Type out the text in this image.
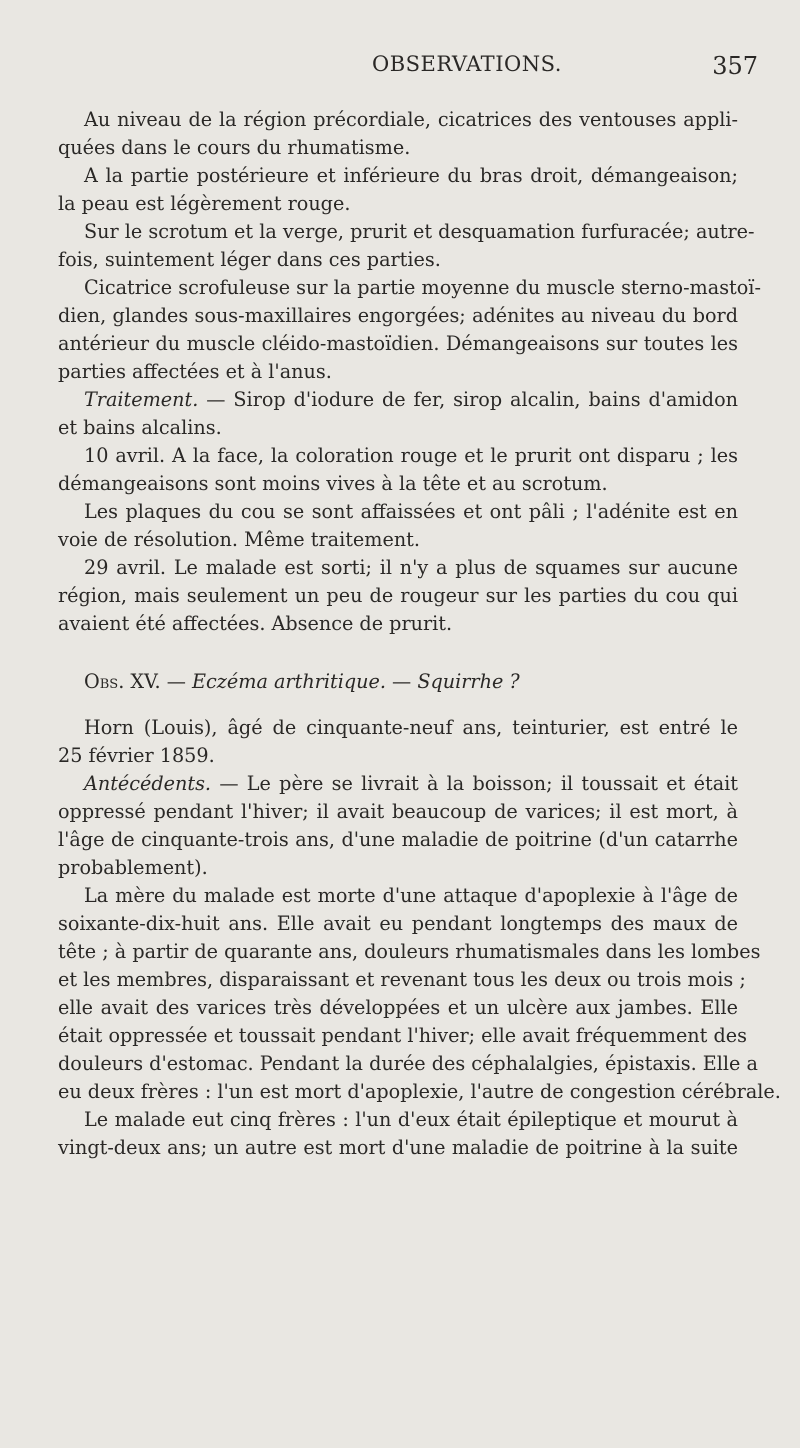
OBSERVATIONS.	357
Au niveau de la région précordiale, cicatrices des ventouses appli-
quées dans le cours du rhumatisme.
A la partie postérieure et inférieure du bras droit, démangeaison;
la peau est légèrement rouge.
Sur le scrotum et la verge, prurit et desquamation furfuracée; autre-
fois, suintement léger dans ces parties.
Cicatrice scrofuleuse sur la partie moyenne du muscle sterno-mastoï-
dien, glandes sous-maxillaires engorgées; adénites au niveau du bord
antérieur du muscle cléido-mastoïdien. Démangeaisons sur toutes les
parties affectées et à l'anus.
Traitement. — Sirop d'iodure de fer, sirop alcalin, bains d'amidon
et bains alcalins.
10 avril. A la face, la coloration rouge et le prurit ont disparu ; les
démangeaisons sont moins vives à la tête et au scrotum.
Les plaques du cou se sont affaissées et ont pâli ; l'adénite est en
voie de résolution. Même traitement.
29 avril. Le malade est sorti; il n'y a plus de squames sur aucune
région, mais seulement un peu de rougeur sur les parties du cou qui
avaient été affectées. Absence de prurit.
Obs. XV. — Eczéma arthritique. — Squirrhe ?
Horn (Louis), âgé de cinquante-neuf ans, teinturier, est entré le
25 février 1859.
Antécédents. — Le père se livrait à la boisson; il toussait et était
oppressé pendant l'hiver; il avait beaucoup de varices; il est mort, à
l'âge de cinquante-trois ans, d'une maladie de poitrine (d'un catarrhe
probablement).
La mère du malade est morte d'une attaque d'apoplexie à l'âge de
soixante-dix-huit ans. Elle avait eu pendant longtemps des maux de
tête ; à partir de quarante ans, douleurs rhumatismales dans les lombes
et les membres, disparaissant et revenant tous les deux ou trois mois ;
elle avait des varices très développées et un ulcère aux jambes. Elle
était oppressée et toussait pendant l'hiver; elle avait fréquemment des
douleurs d'estomac. Pendant la durée des céphalalgies, épistaxis. Elle a
eu deux frères : l'un est mort d'apoplexie, l'autre de congestion cérébrale.
Le malade eut cinq frères : l'un d'eux était épileptique et mourut à
vingt-deux ans; un autre est mort d'une maladie de poitrine à la suite
